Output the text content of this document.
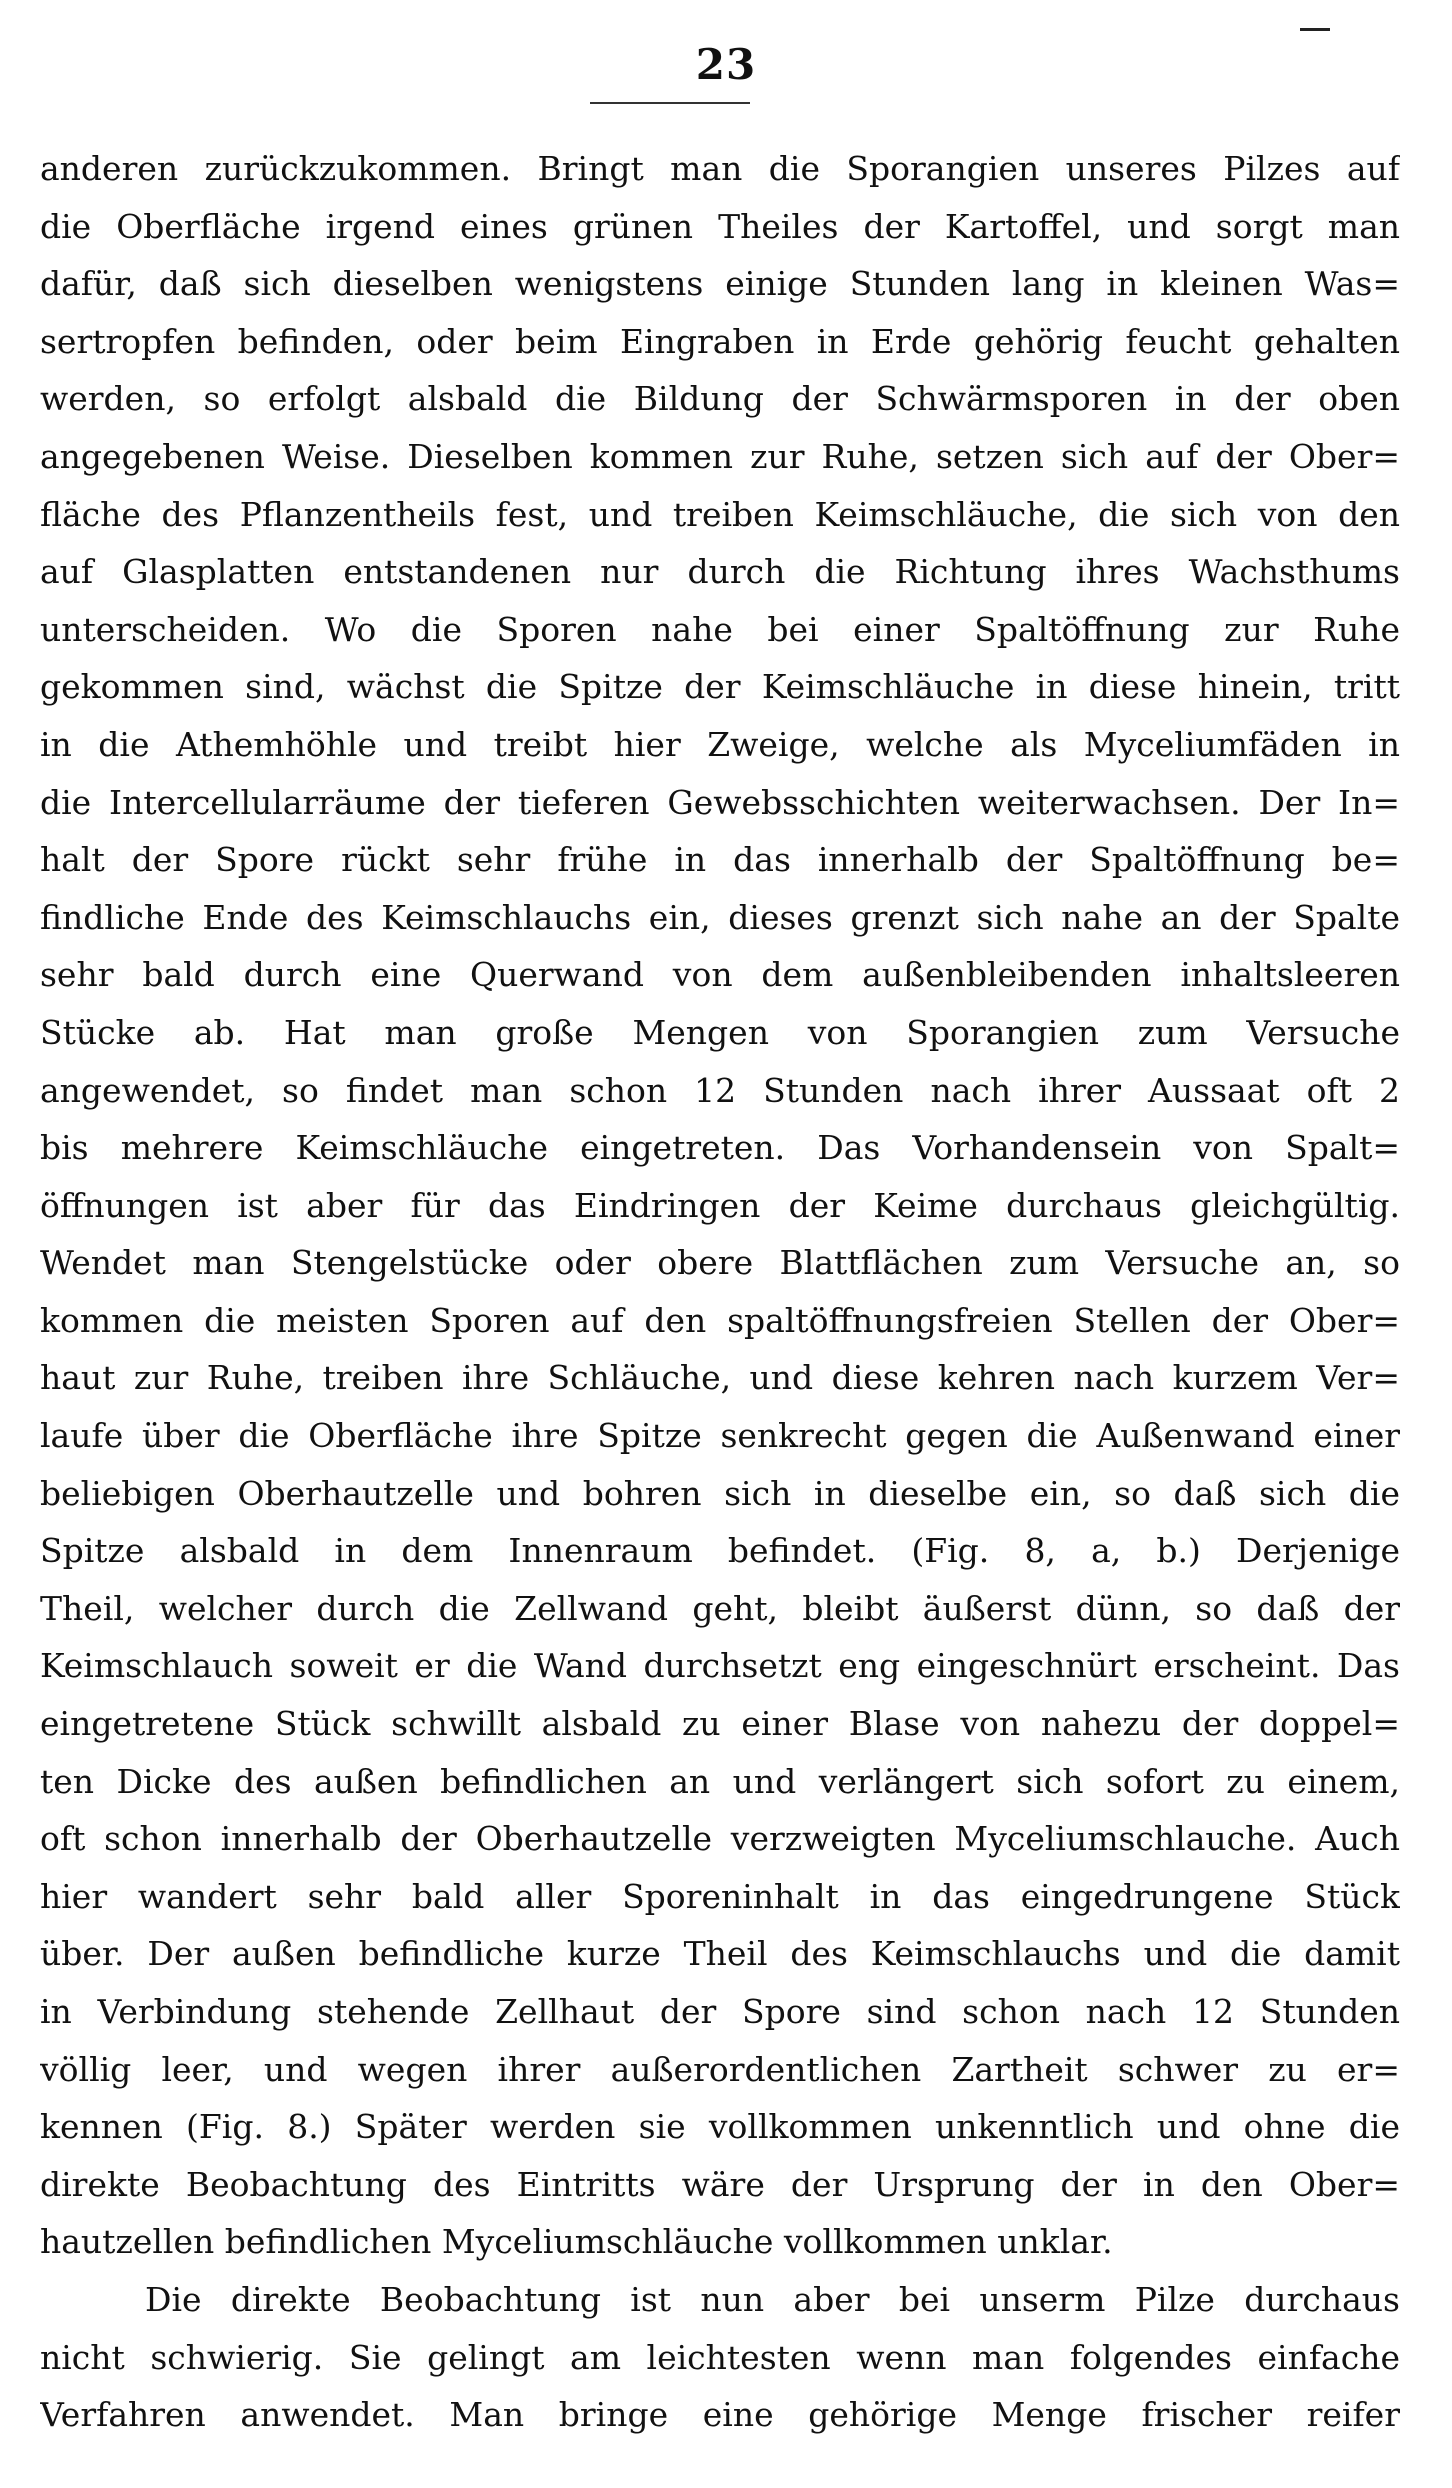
23
anderen zurückzukommen. Bringt man die Sporangien unseres Pilzes auf
die Oberfläche irgend eines grünen Theiles der Kartoffel, und sorgt man
dafür, daß sich dieselben wenigstens einige Stunden lang in kleinen Was=
sertropfen befinden, oder beim Eingraben in Erde gehörig feucht gehalten
werden, so erfolgt alsbald die Bildung der Schwärmsporen in der oben
angegebenen Weise. Dieselben kommen zur Ruhe, setzen sich auf der Ober=
fläche des Pflanzentheils fest, und treiben Keimschläuche, die sich von den
auf Glasplatten entstandenen nur durch die Richtung ihres Wachsthums
unterscheiden. Wo die Sporen nahe bei einer Spaltöffnung zur Ruhe
gekommen sind, wächst die Spitze der Keimschläuche in diese hinein, tritt
in die Athemhöhle und treibt hier Zweige, welche als Myceliumfäden in
die Intercellularräume der tieferen Gewebsschichten weiterwachsen. Der In=
halt der Spore rückt sehr frühe in das innerhalb der Spaltöffnung be=
findliche Ende des Keimschlauchs ein, dieses grenzt sich nahe an der Spalte
sehr bald durch eine Querwand von dem außenbleibenden inhaltsleeren
Stücke ab. Hat man große Mengen von Sporangien zum Versuche
angewendet, so findet man schon 12 Stunden nach ihrer Aussaat oft 2
bis mehrere Keimschläuche eingetreten. Das Vorhandensein von Spalt=
öffnungen ist aber für das Eindringen der Keime durchaus gleichgültig.
Wendet man Stengelstücke oder obere Blattflächen zum Versuche an, so
kommen die meisten Sporen auf den spaltöffnungsfreien Stellen der Ober=
haut zur Ruhe, treiben ihre Schläuche, und diese kehren nach kurzem Ver=
laufe über die Oberfläche ihre Spitze senkrecht gegen die Außenwand einer
beliebigen Oberhautzelle und bohren sich in dieselbe ein, so daß sich die
Spitze alsbald in dem Innenraum befindet. (Fig. 8, a, b.) Derjenige
Theil, welcher durch die Zellwand geht, bleibt äußerst dünn, so daß der
Keimschlauch soweit er die Wand durchsetzt eng eingeschnürt erscheint. Das
eingetretene Stück schwillt alsbald zu einer Blase von nahezu der doppel=
ten Dicke des außen befindlichen an und verlängert sich sofort zu einem,
oft schon innerhalb der Oberhautzelle verzweigten Myceliumschlauche. Auch
hier wandert sehr bald aller Sporeninhalt in das eingedrungene Stück
über. Der außen befindliche kurze Theil des Keimschlauchs und die damit
in Verbindung stehende Zellhaut der Spore sind schon nach 12 Stunden
völlig leer, und wegen ihrer außerordentlichen Zartheit schwer zu er=
kennen (Fig. 8.) Später werden sie vollkommen unkenntlich und ohne die
direkte Beobachtung des Eintritts wäre der Ursprung der in den Ober=
hautzellen befindlichen Myceliumschläuche vollkommen unklar.
Die direkte Beobachtung ist nun aber bei unserm Pilze durchaus
nicht schwierig. Sie gelingt am leichtesten wenn man folgendes einfache
Verfahren anwendet. Man bringe eine gehörige Menge frischer reifer
